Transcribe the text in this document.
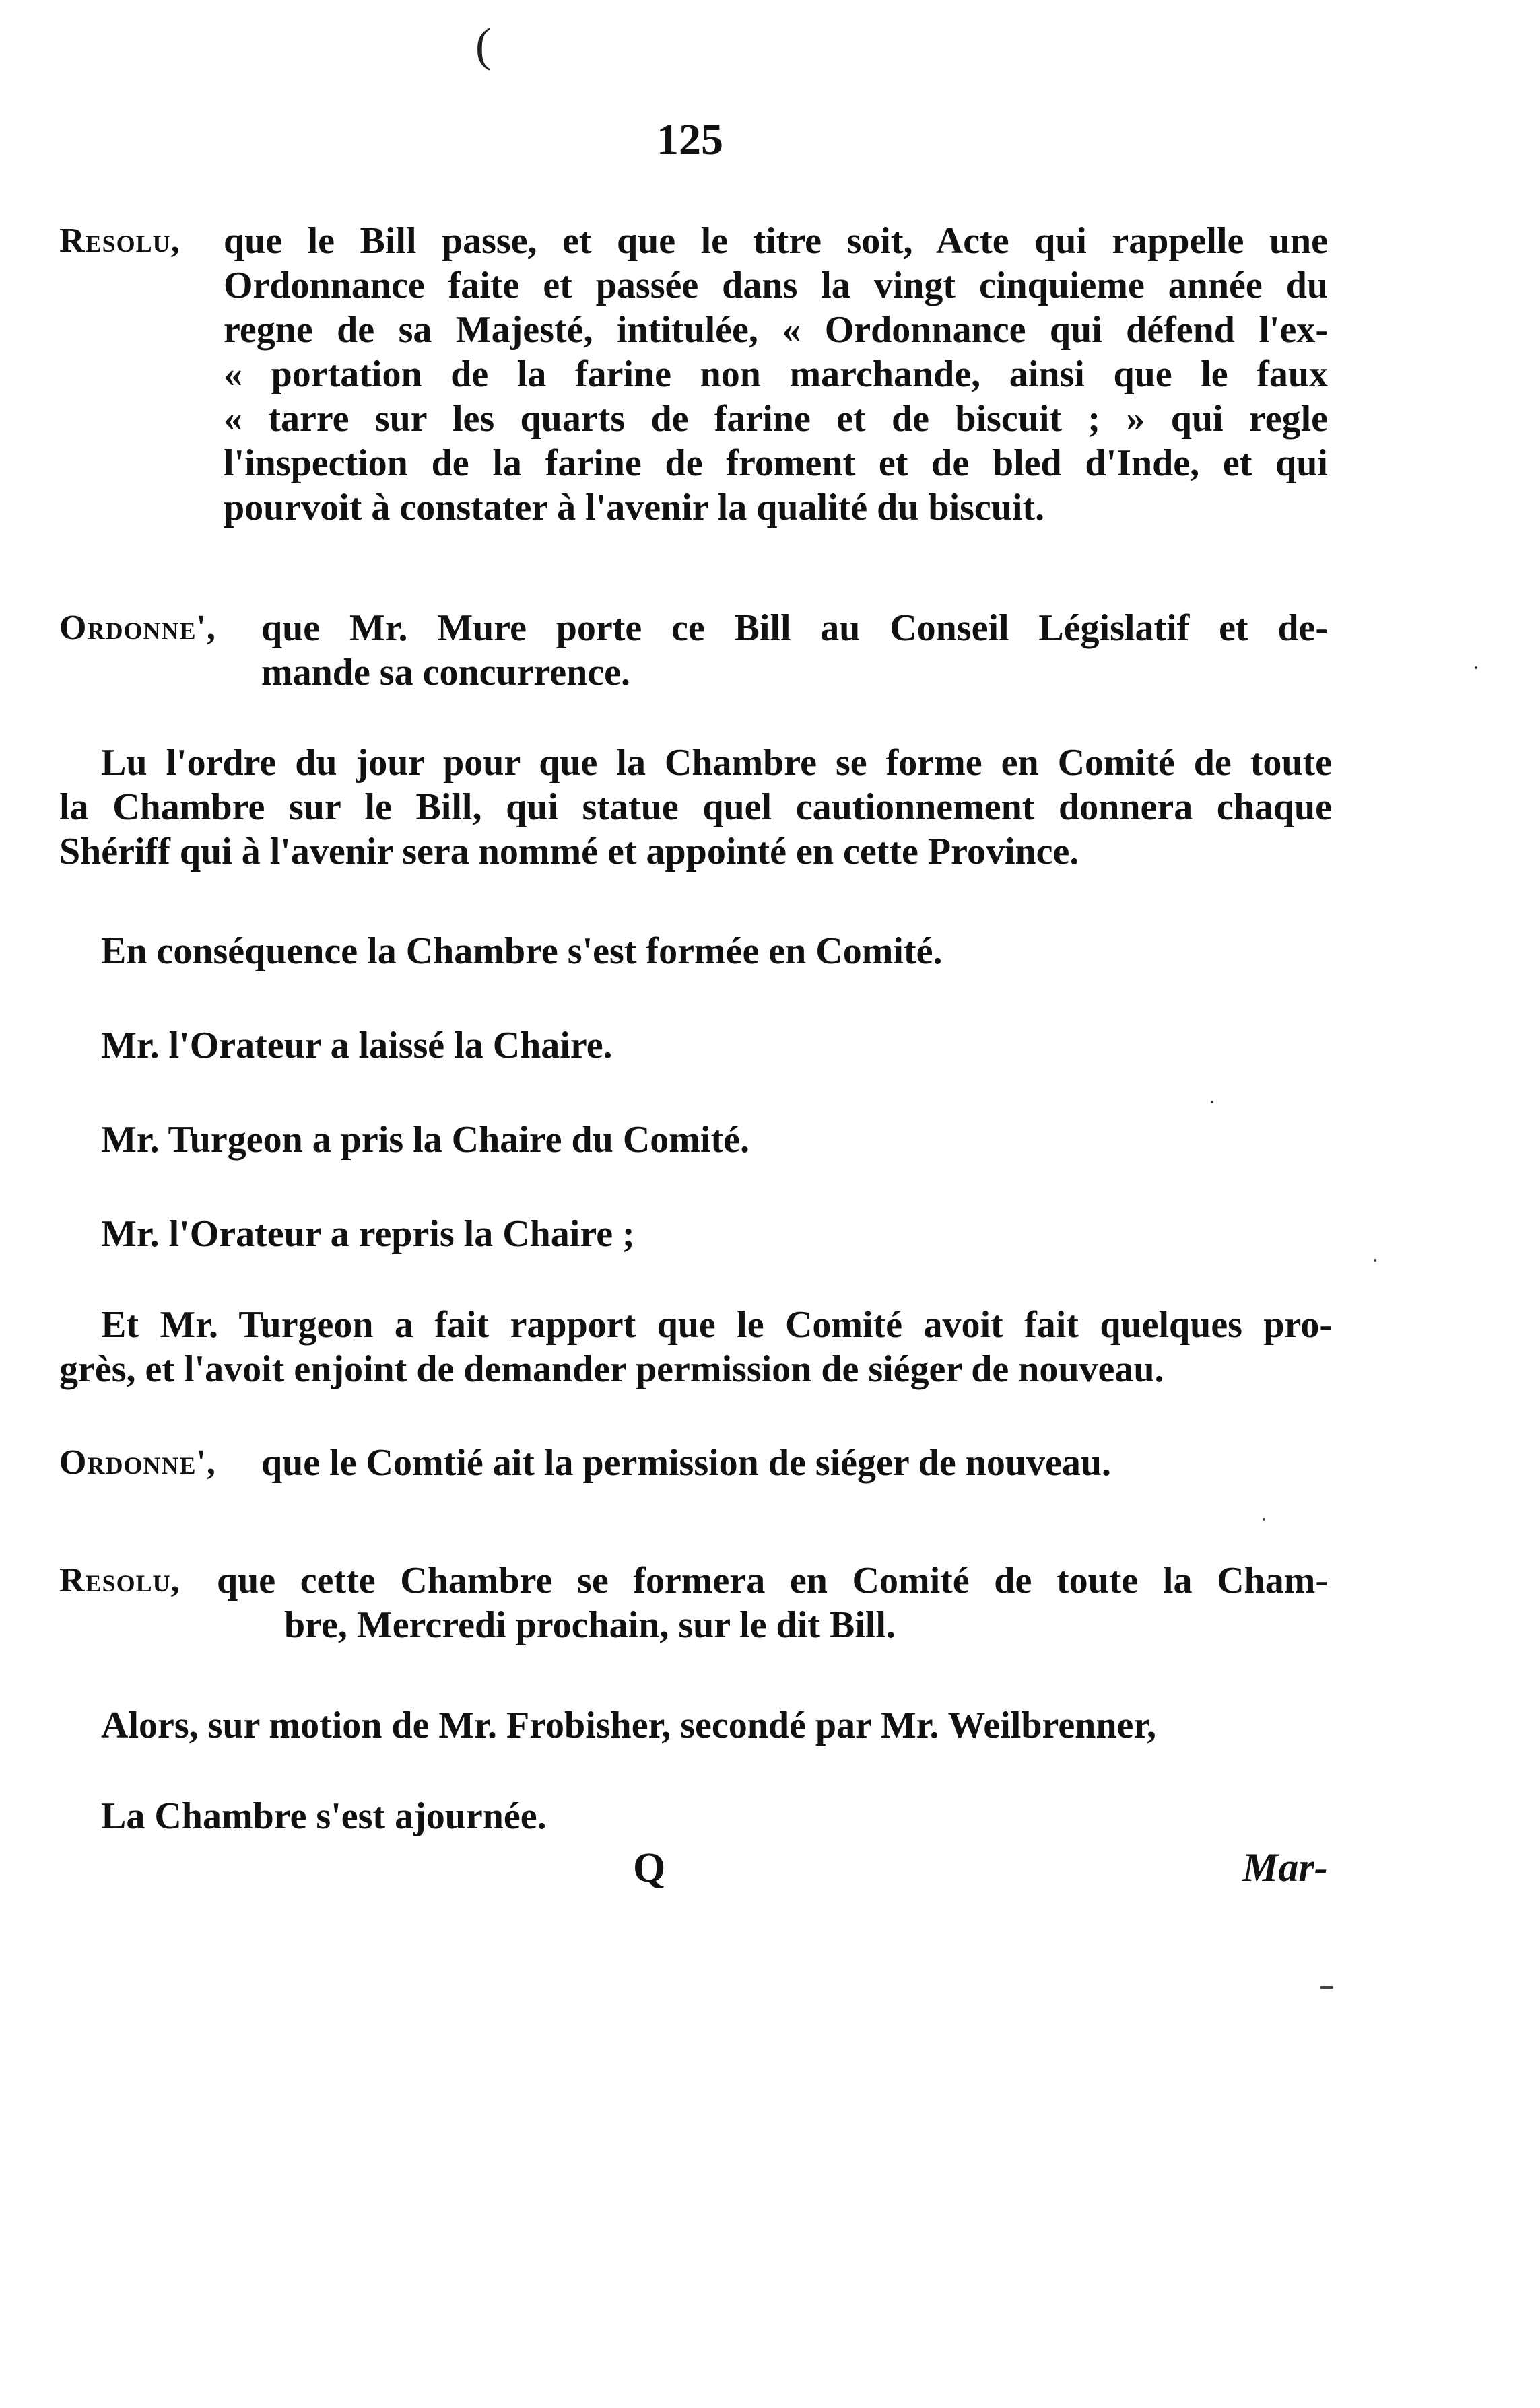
(
125
Resolu, que le Bill passe, et que le titre soit, Acte qui rappelle une
Ordonnance faite et passée dans la vingt cinquieme année du
regne de sa Majesté, intitulée, « Ordonnance qui défend l'ex-
« portation de la farine non marchande, ainsi que le faux
« tarre sur les quarts de farine et de biscuit ; » qui regle
l'inspection de la farine de froment et de bled d'Inde, et qui
pourvoit à constater à l'avenir la qualité du biscuit.
Ordonne', que Mr. Mure porte ce Bill au Conseil Législatif et de-
mande sa concurrence.
Lu l'ordre du jour pour que la Chambre se forme en Comité de toute
la Chambre sur le Bill, qui statue quel cautionnement donnera chaque
Shériff qui à l'avenir sera nommé et appointé en cette Province.
En conséquence la Chambre s'est formée en Comité.
Mr. l'Orateur a laissé la Chaire.
Mr. Turgeon a pris la Chaire du Comité.
Mr. l'Orateur a repris la Chaire ;
Et Mr. Turgeon a fait rapport que le Comité avoit fait quelques pro-
grès, et l'avoit enjoint de demander permission de siéger de nouveau.
Ordonne', que le Comtié ait la permission de siéger de nouveau.
Resolu, que cette Chambre se formera en Comité de toute la Cham-
bre, Mercredi prochain, sur le dit Bill.
Alors, sur motion de Mr. Frobisher, secondé par Mr. Weilbrenner,
La Chambre s'est ajournée.
Q	Mar-
